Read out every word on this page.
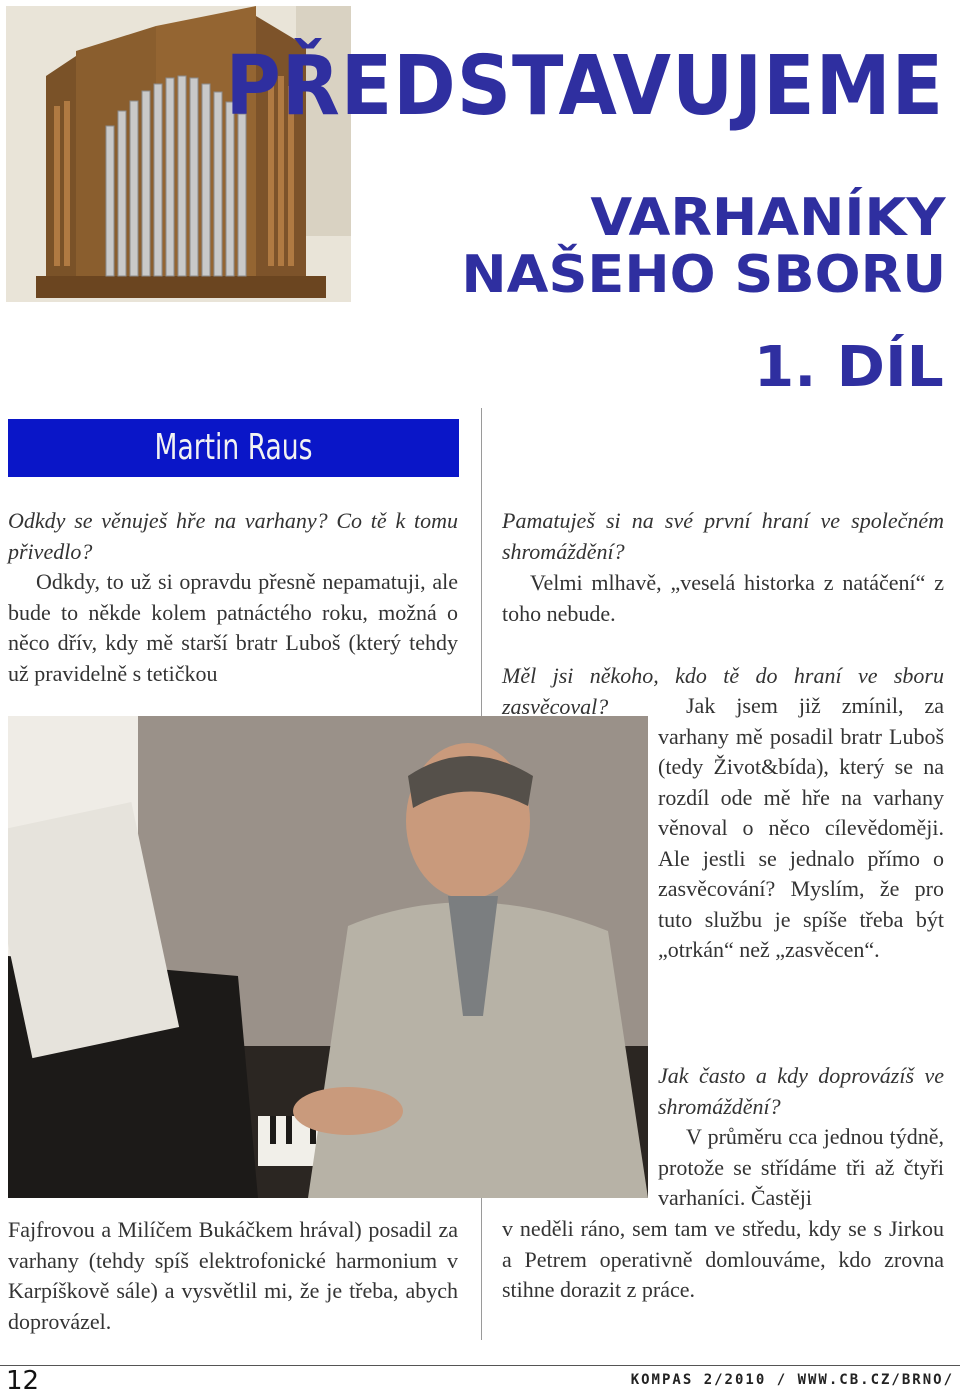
PŘEDSTAVUJEME
VARHANÍKY
NAŠEHO SBORU
1. DÍL
Martin Raus
Odkdy se věnuješ hře na varhany? Co tě k tomu přivedlo?
Odkdy, to už si opravdu přesně nepamatuji, ale bude to někde kolem patnáctého roku, možná o něco dřív, kdy mě starší bratr Luboš (který tehdy už pravidelně s tetičkou
Fajfrovou a Milíčem Bukáčkem hrával) posadil za varhany (tehdy spíš elektrofonické harmonium v Karpíškově sále) a vysvětlil mi, že je třeba, abych doprovázel.
Pamatuješ si na své první hraní ve společném shromáždění?
Velmi mlhavě, „veselá historka z natáčení“ z toho nebude.
Měl jsi někoho, kdo tě do hraní ve sboru zasvěcoval?	Jak jsem již zmínil, za varhany mě posadil bratr Luboš (tedy Život&bída), který se na rozdíl ode mě hře na varhany věnoval o něco cílevědoměji. Ale jestli se jednalo přímo o zasvěcování? Myslím, že pro tuto službu je spíše třeba být „otrkán“ než „zasvěcen“.
Jak často a kdy doprovázíš ve shromáždění?
V průměru cca jednou týdně, protože se střídáme tři až čtyři varhaníci. Častěji
v neděli ráno, sem tam ve středu, kdy se s Jirkou a Petrem operativně domlouváme, kdo zrovna stihne dorazit z práce.
12	KOMPAS 2/2010 / WWW.CB.CZ/BRNO/
